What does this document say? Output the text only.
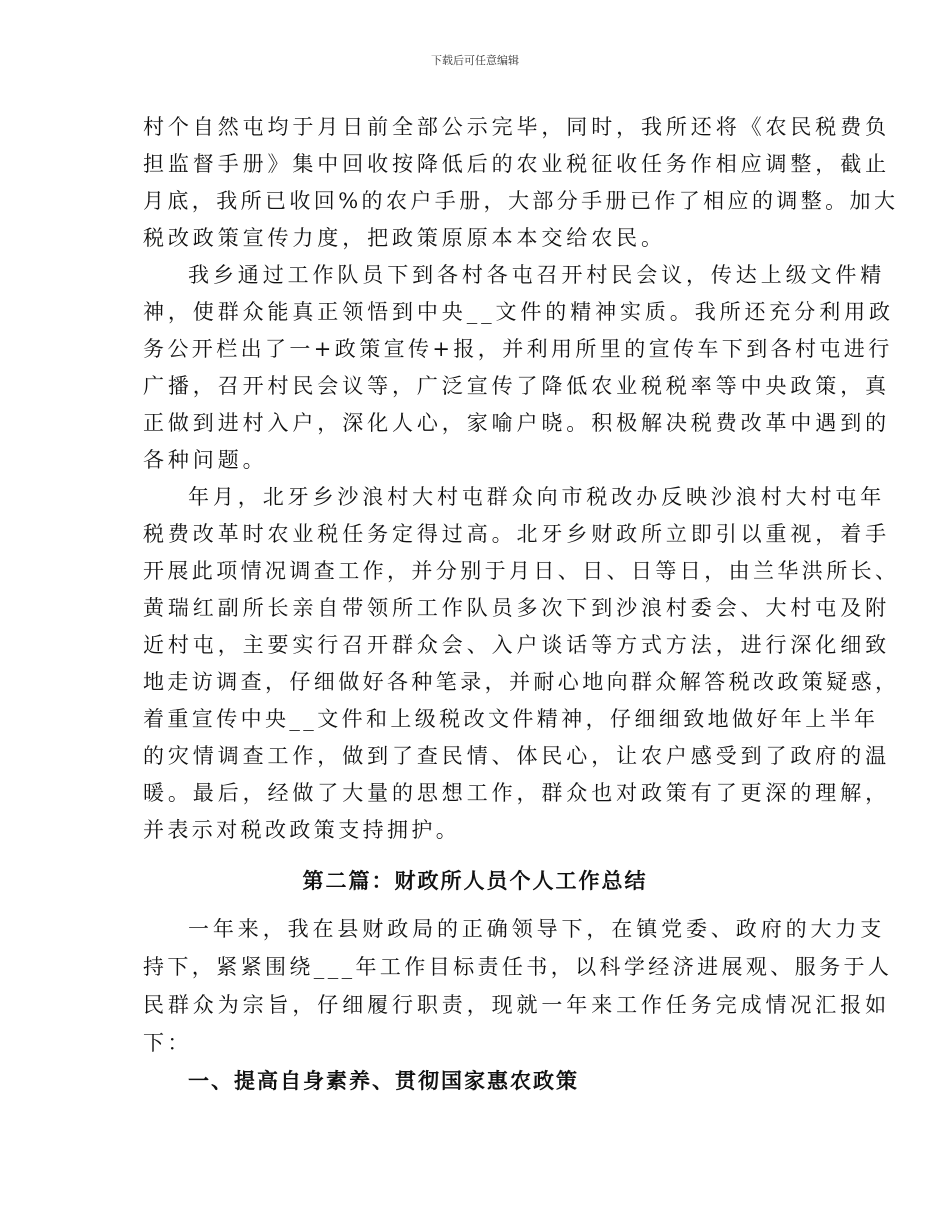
下载后可任意编辑
村个自然屯均于月日前全部公示完毕，同时，我所还将《农民税费负
担监督手册》集中回收按降低后的农业税征收任务作相应调整，截止
月底，我所已收回%的农户手册，大部分手册已作了相应的调整。加大
税改政策宣传力度，把政策原原本本交给农民。
我乡通过工作队员下到各村各屯召开村民会议，传达上级文件精
神，使群众能真正领悟到中央__文件的精神实质。我所还充分利用政
务公开栏出了一+政策宣传+报，并利用所里的宣传车下到各村屯进行
广播，召开村民会议等，广泛宣传了降低农业税税率等中央政策，真
正做到进村入户，深化人心，家喻户晓。积极解决税费改革中遇到的
各种问题。
年月，北牙乡沙浪村大村屯群众向市税改办反映沙浪村大村屯年
税费改革时农业税任务定得过高。北牙乡财政所立即引以重视，着手
开展此项情况调查工作，并分别于月日、日、日等日，由兰华洪所长、
黄瑞红副所长亲自带领所工作队员多次下到沙浪村委会、大村屯及附
近村屯，主要实行召开群众会、入户谈话等方式方法，进行深化细致
地走访调查，仔细做好各种笔录，并耐心地向群众解答税改政策疑惑，
着重宣传中央__文件和上级税改文件精神，仔细细致地做好年上半年
的灾情调查工作，做到了查民情、体民心，让农户感受到了政府的温
暖。最后，经做了大量的思想工作，群众也对政策有了更深的理解，
并表示对税改政策支持拥护。
第二篇：财政所人员个人工作总结
一年来，我在县财政局的正确领导下，在镇党委、政府的大力支
持下，紧紧围绕___年工作目标责任书，以科学经济进展观、服务于人
民群众为宗旨，仔细履行职责，现就一年来工作任务完成情况汇报如
下：
一、提高自身素养、贯彻国家惠农政策
